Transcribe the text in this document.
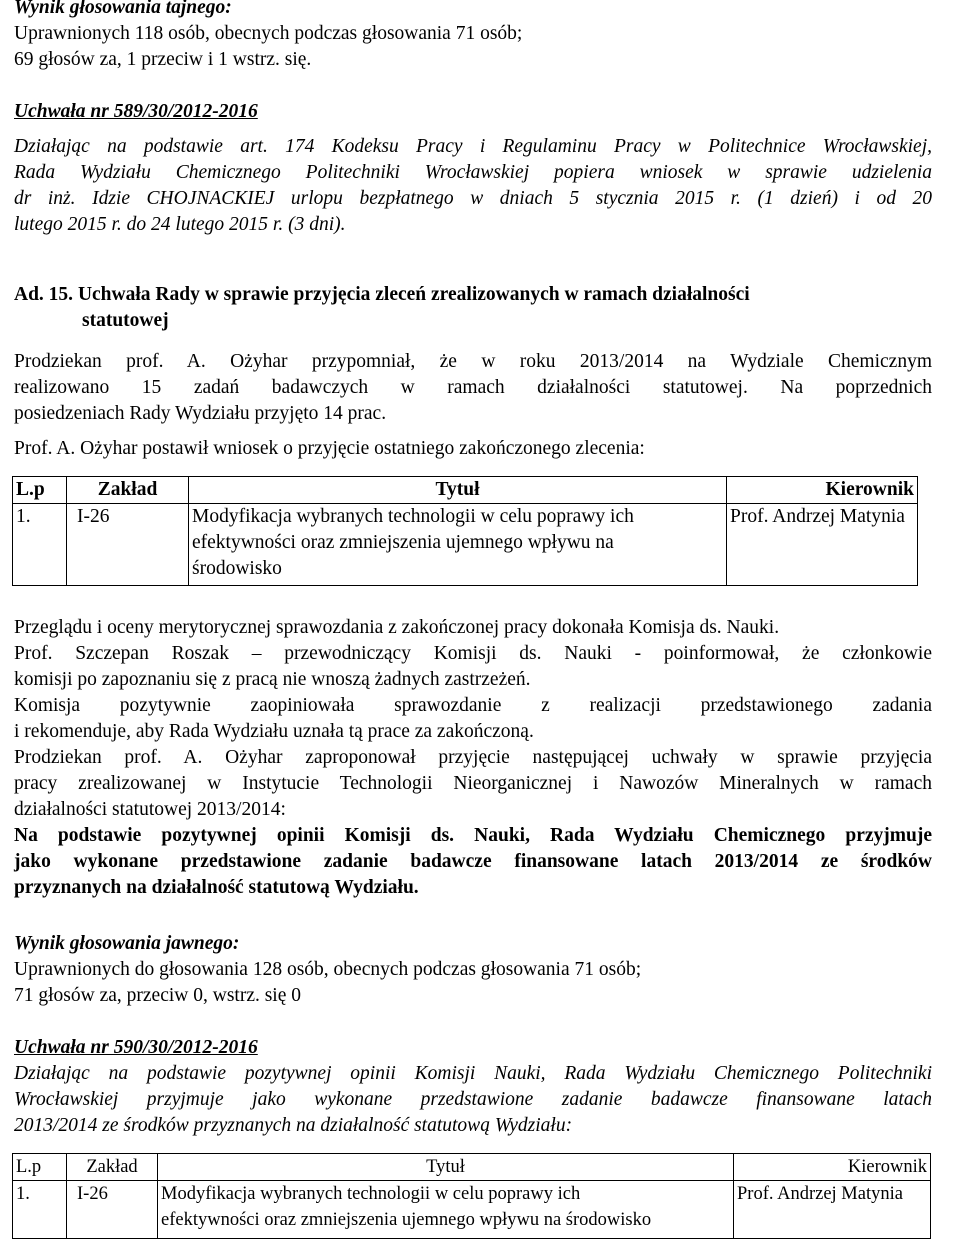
Wynik głosowania tajnego:

Uprawnionych 118 osób, obecnych podczas głosowania 71 osób;

69 głosów za, 1 przeciw i 1 wstrz. się.

Uchwała nr 589/30/2012-2016

Działając na podstawie art. 174 Kodeksu Pracy i Regulaminu Pracy w Politechnice Wrocławskiej,

Rada Wydziału Chemicznego Politechniki Wrocławskiej popiera wniosek w sprawie udzielenia

dr inż. Idzie CHOJNACKIEJ urlopu bezpłatnego w dniach 5 stycznia 2015 r. (1 dzień) i od 20

lutego 2015 r. do 24 lutego 2015 r. (3 dni).

Ad. 15. Uchwała Rady w sprawie przyjęcia zleceń zrealizowanych w ramach działalności

statutowej

Prodziekan prof. A. Ożyhar przypomniał, że w roku 2013/2014 na Wydziale Chemicznym

realizowano 15 zadań badawczych w ramach działalności statutowej. Na poprzednich

posiedzeniach Rady Wydziału przyjęto 14 prac.

Prof. A. Ożyhar postawił wniosek o przyjęcie ostatniego zakończonego zlecenia:

L.p	Zakład	Tytuł	Kierownik
1.	I-26	Modyfikacja wybranych technologii w celu poprawy ich
efektywności oraz zmniejszenia ujemnego wpływu na
środowisko	Prof. Andrzej Matynia

Przeglądu i oceny merytorycznej sprawozdania z zakończonej pracy dokonała Komisja ds. Nauki.

Prof. Szczepan Roszak – przewodniczący Komisji ds. Nauki - poinformował, że członkowie

komisji po zapoznaniu się z pracą nie wnoszą żadnych zastrzeżeń.

Komisja pozytywnie zaopiniowała sprawozdanie z realizacji przedstawionego zadania

i rekomenduje, aby Rada Wydziału uznała tą prace za zakończoną.

Prodziekan prof. A. Ożyhar zaproponował przyjęcie następującej uchwały w sprawie przyjęcia

pracy zrealizowanej w Instytucie Technologii Nieorganicznej i Nawozów Mineralnych w ramach

działalności statutowej 2013/2014:

Na podstawie pozytywnej opinii Komisji ds. Nauki, Rada Wydziału Chemicznego przyjmuje

jako wykonane przedstawione zadanie badawcze finansowane latach 2013/2014 ze środków

przyznanych na działalność statutową Wydziału.

Wynik głosowania jawnego:

Uprawnionych do głosowania 128 osób, obecnych podczas głosowania 71 osób;

71 głosów za, przeciw 0, wstrz. się 0

Uchwała nr 590/30/2012-2016

Działając na podstawie pozytywnej opinii Komisji Nauki, Rada Wydziału Chemicznego Politechniki

Wrocławskiej przyjmuje jako wykonane przedstawione zadanie badawcze finansowane latach

2013/2014 ze środków przyznanych na działalność statutową Wydziału:

L.p	Zakład	Tytuł	Kierownik
1.	I-26	Modyfikacja wybranych technologii w celu poprawy ich
efektywności oraz zmniejszenia ujemnego wpływu na środowisko	Prof. Andrzej Matynia
